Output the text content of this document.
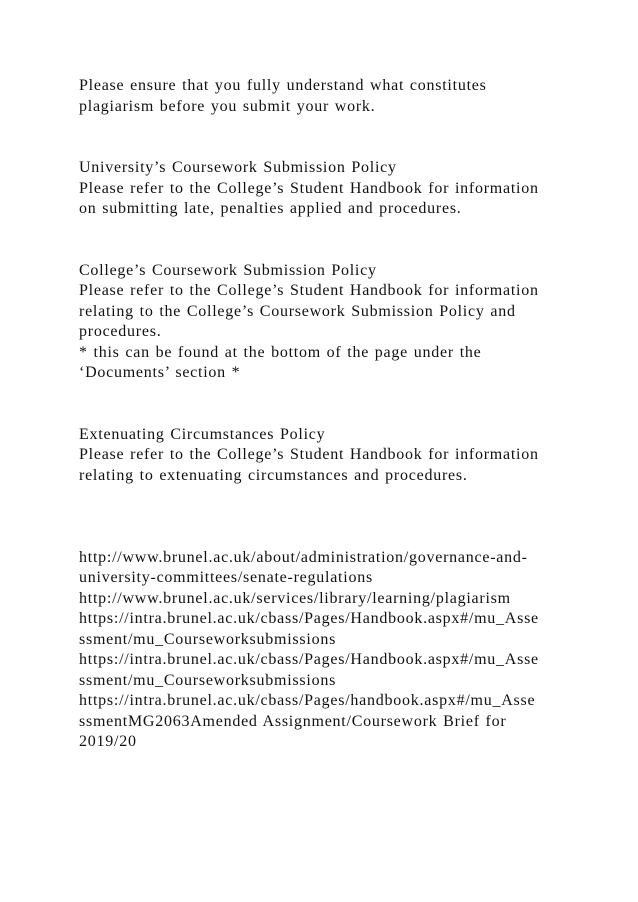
Please ensure that you fully understand what constitutes
plagiarism before you submit your work.
University’s Coursework Submission Policy
Please refer to the College’s Student Handbook for information
on submitting late, penalties applied and procedures.
College’s Coursework Submission Policy
Please refer to the College’s Student Handbook for information
relating to the College’s Coursework Submission Policy and
procedures.
* this can be found at the bottom of the page under the
‘Documents’ section *
Extenuating Circumstances Policy
Please refer to the College’s Student Handbook for information
relating to extenuating circumstances and procedures.
http://www.brunel.ac.uk/about/administration/governance-and-
university-committees/senate-regulations
http://www.brunel.ac.uk/services/library/learning/plagiarism
https://intra.brunel.ac.uk/cbass/Pages/Handbook.aspx#/mu_Asse
ssment/mu_Courseworksubmissions
https://intra.brunel.ac.uk/cbass/Pages/Handbook.aspx#/mu_Asse
ssment/mu_Courseworksubmissions
https://intra.brunel.ac.uk/cbass/Pages/handbook.aspx#/mu_Asse
ssmentMG2063Amended Assignment/Coursework Brief for
2019/20
